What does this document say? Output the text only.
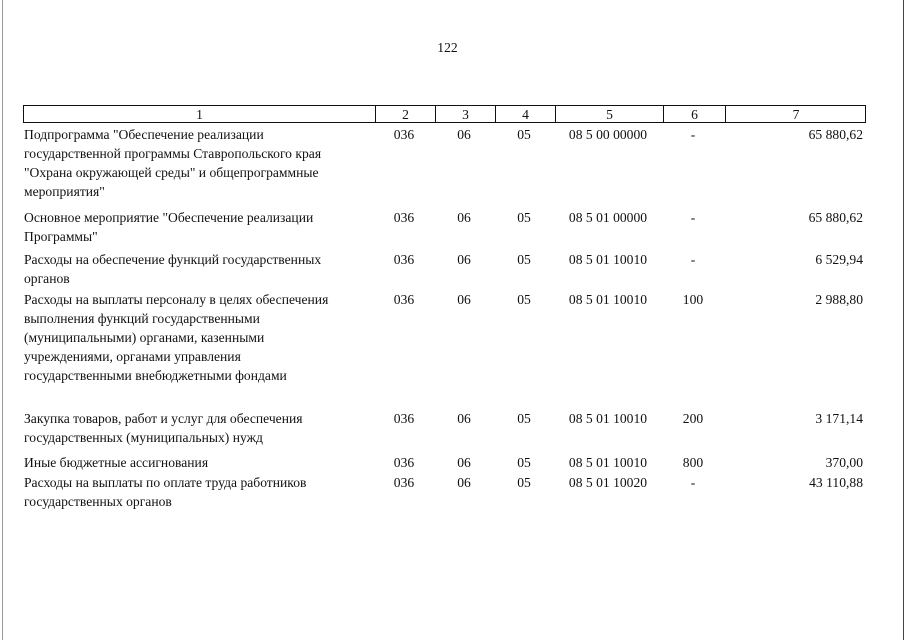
122
1	2	3	4	5	6	7
Подпрограмма "Обеспечение реализации
государственной программы Ставропольского края
"Охрана окружающей среды" и общепрограммные
мероприятия"
036	06	05	08 5 00 00000	-	65 880,62
Основное мероприятие "Обеспечение реализации
Программы"
036	06	05	08 5 01 00000	-	65 880,62
Расходы на обеспечение функций государственных
органов
036	06	05	08 5 01 10010	-	6 529,94
Расходы на выплаты персоналу в целях обеспечения
выполнения функций государственными
(муниципальными) органами, казенными
учреждениями, органами управления
государственными внебюджетными фондами
036	06	05	08 5 01 10010	100	2 988,80
Закупка товаров, работ и услуг для обеспечения
государственных (муниципальных) нужд
036	06	05	08 5 01 10010	200	3 171,14
Иные бюджетные ассигнования	036	06	05	08 5 01 10010	800	370,00
Расходы на выплаты по оплате труда работников
государственных органов
036	06	05	08 5 01 10020	-	43 110,88
